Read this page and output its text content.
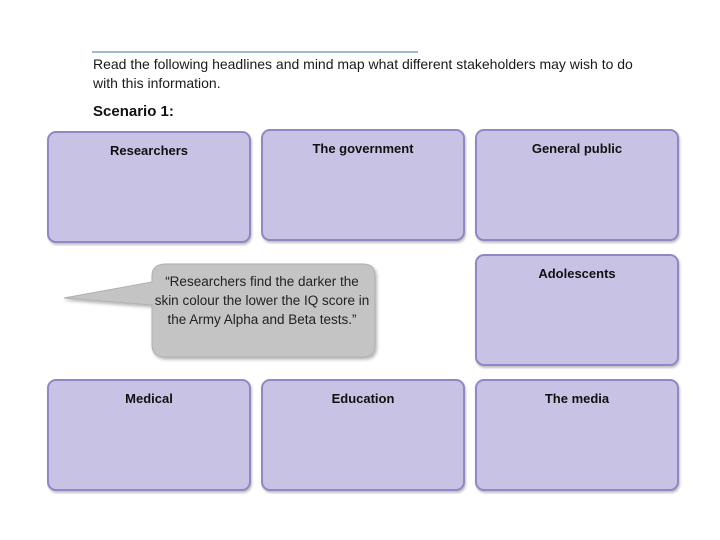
Read the following headlines and mind map what different stakeholders may wish to do with this information.
Scenario 1:
Researchers	The government	General public
Adolescents
Medical	Education	The media
“Researchers find the darker the skin colour the lower the IQ score in the Army Alpha and Beta tests.”
